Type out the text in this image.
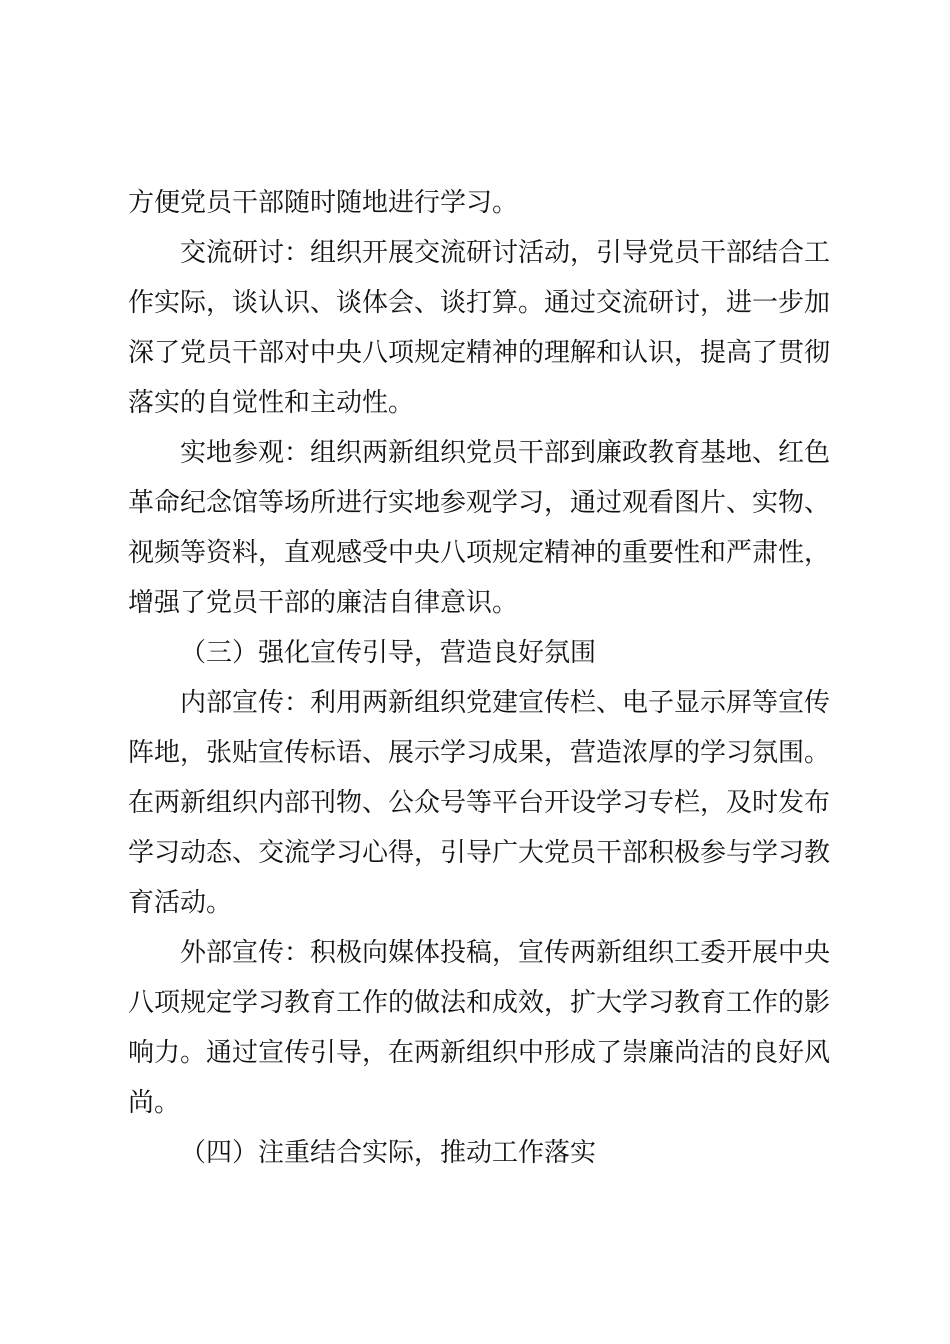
方便党员干部随时随地进行学习。
交流研讨：组织开展交流研讨活动，引导党员干部结合工
作实际，谈认识、谈体会、谈打算。通过交流研讨，进一步加
深了党员干部对中央八项规定精神的理解和认识，提高了贯彻
落实的自觉性和主动性。
实地参观：组织两新组织党员干部到廉政教育基地、红色
革命纪念馆等场所进行实地参观学习，通过观看图片、实物、
视频等资料，直观感受中央八项规定精神的重要性和严肃性，
增强了党员干部的廉洁自律意识。
（三）强化宣传引导，营造良好氛围
内部宣传：利用两新组织党建宣传栏、电子显示屏等宣传
阵地，张贴宣传标语、展示学习成果，营造浓厚的学习氛围。
在两新组织内部刊物、公众号等平台开设学习专栏，及时发布
学习动态、交流学习心得，引导广大党员干部积极参与学习教
育活动。
外部宣传：积极向媒体投稿，宣传两新组织工委开展中央
八项规定学习教育工作的做法和成效，扩大学习教育工作的影
响力。通过宣传引导，在两新组织中形成了崇廉尚洁的良好风
尚。
（四）注重结合实际，推动工作落实
